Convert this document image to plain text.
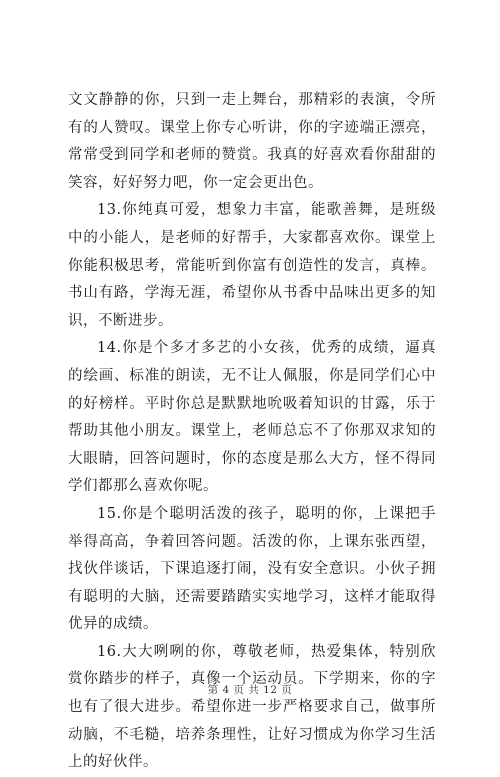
文文静静的你，只到一走上舞台，那精彩的表演，令所有的人赞叹。课堂上你专心听讲，你的字迹端正漂亮，常常受到同学和老师的赞赏。我真的好喜欢看你甜甜的笑容，好好努力吧，你一定会更出色。

13.你纯真可爱，想象力丰富，能歌善舞，是班级中的小能人，是老师的好帮手，大家都喜欢你。课堂上你能积极思考，常能听到你富有创造性的发言，真棒。书山有路，学海无涯，希望你从书香中品味出更多的知识，不断进步。

14.你是个多才多艺的小女孩，优秀的成绩，逼真的绘画、标准的朗读，无不让人佩服，你是同学们心中的好榜样。平时你总是默默地吮吸着知识的甘露，乐于帮助其他小朋友。课堂上，老师总忘不了你那双求知的大眼睛，回答问题时，你的态度是那么大方，怪不得同学们都那么喜欢你呢。

15.你是个聪明活泼的孩子，聪明的你，上课把手举得高高，争着回答问题。活泼的你，上课东张西望，找伙伴谈话，下课追逐打闹，没有安全意识。小伙子拥有聪明的大脑，还需要踏踏实实地学习，这样才能取得优异的成绩。

16.大大咧咧的你，尊敬老师，热爱集体，特别欣赏你踏步的样子，真像一个运动员。下学期来，你的字也有了很大进步。希望你进一步严格要求自己，做事所动脑，不毛糙，培养条理性，让好习惯成为你学习生活上的好伙伴。

第 4 页 共 12 页
